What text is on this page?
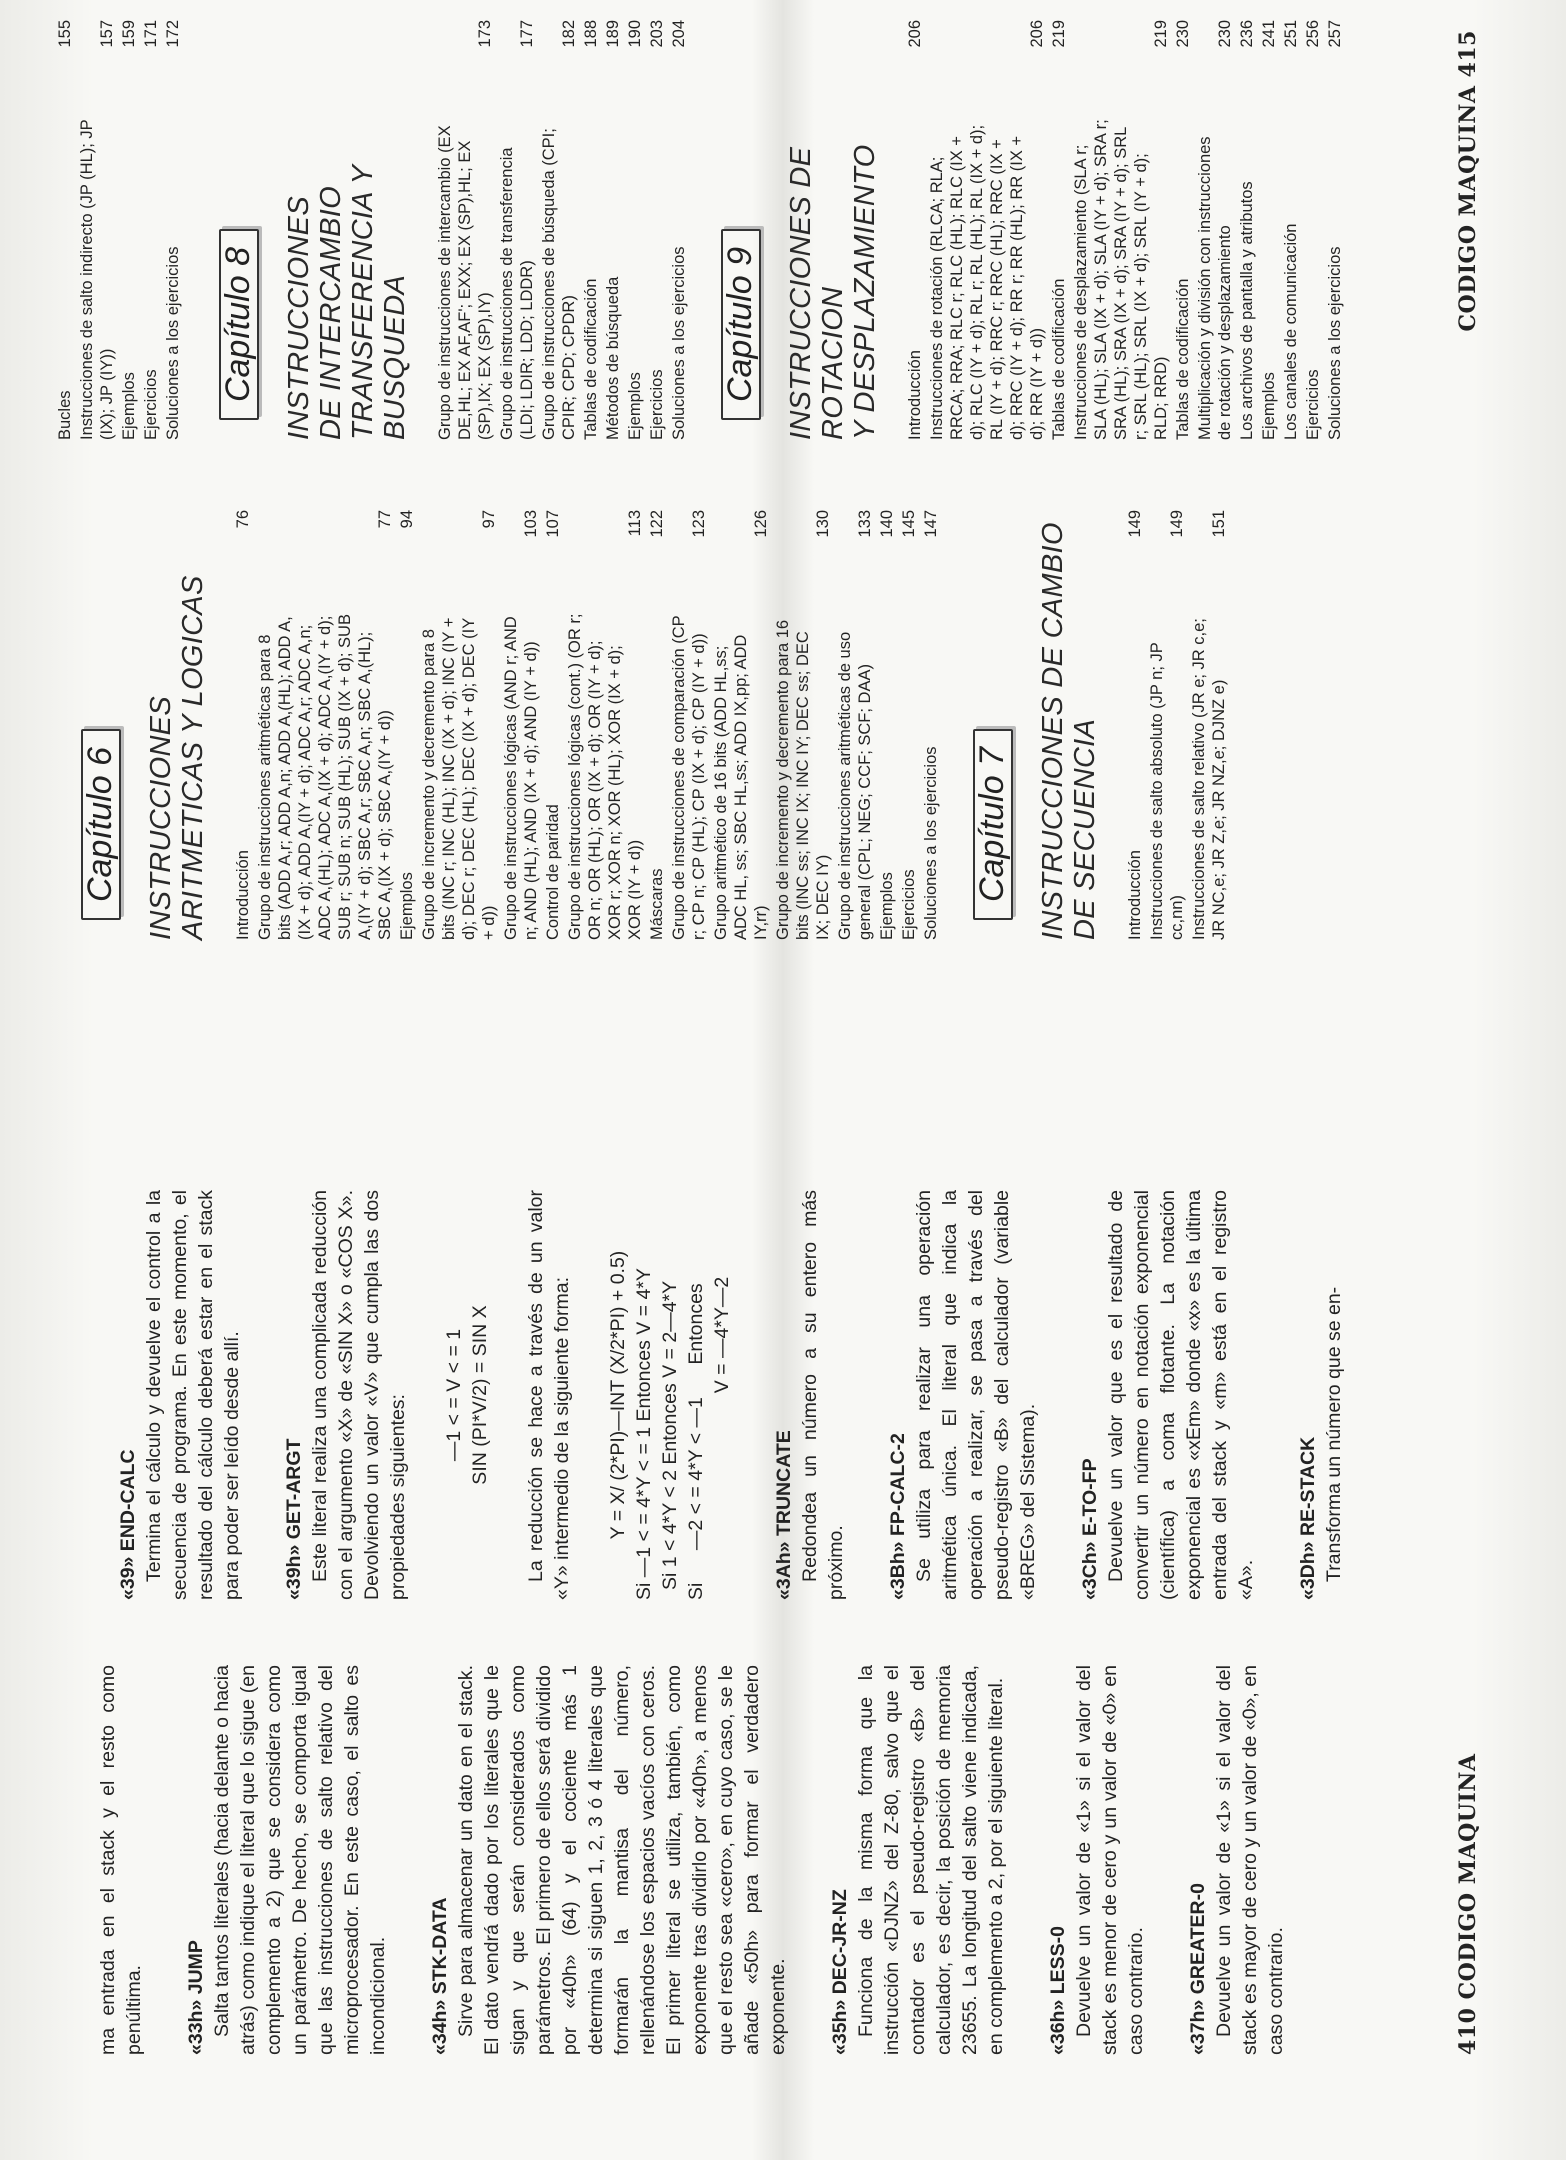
ma entrada en el stack y el resto como penúltima. «33h» JUMP Salta tantos literales (hacia delante o hacia atrás) como indique el literal que lo sigue (en complemento a 2) que se considera como un parámetro. De hecho, se comporta igual que las instrucciones de salto relativo del microprocesador. En este caso, el salto es incondicional. «34h» STK-DATA Sirve para almacenar un dato en el stack. El dato vendrá dado por los literales que le sigan y que serán considerados como parámetros. El primero de ellos será dividido por «40h» (64) y el cociente más 1 determina si siguen 1, 2, 3 ó 4 literales que formarán la mantisa del número, rellenándose los espacios vacíos con ceros. El primer literal se utiliza, también, como exponente tras dividirlo por «40h», a menos que el resto sea «cero», en cuyo caso, se le añade «50h» para formar el verdadero exponente. «35h» DEC-JR-NZ Funciona de la misma forma que la instrucción «DJNZ» del Z-80, salvo que el contador es el pseudo-registro «B» del calculador, es decir, la posición de memoria 23655. La longitud del salto viene indicada, en complemento a 2, por el siguiente literal. «36h» LESS-0 Devuelve un valor de «1» si el valor del stack es menor de cero y un valor de «0» en caso contrario. «37h» GREATER-0 Devuelve un valor de «1» si el valor del stack es mayor de cero y un valor de «0», en caso contrario.

«39» END-CALC Termina el cálculo y devuelve el control a la secuencia de programa. En este momento, el resultado del cálculo deberá estar en el stack para poder ser leído desde allí. «39h» GET-ARGT Este literal realiza una complicada reducción con el argumento «X» de «SIN X» o «COS X». Devolviendo un valor «V» que cumpla las dos propiedades siguientes: —1 < = V < = 1 SIN (PI*V/2) = SIN X La reducción se hace a través de un valor «Y» intermedio de la siguiente forma: Y = X/ (2*PI)—INT (X/2*PI) + 0.5) Si —1 < = 4*Y < = 1 Entonces V = 4*Y Si 1 < 4*Y < 2 Entonces V = 2—4*Y Si      —2 < = 4*Y < —1      Entonces V = —4*Y—2

«3Ah» TRUNCATE Redondea un número a su entero más próximo. «3Bh» FP-CALC-2 Se utiliza para realizar una operación aritmética única. El literal que indica la operación a realizar, se pasa a través del pseudo-registro «B» del calculador (variable «BREG» del Sistema). «3Ch» E-TO-FP Devuelve un valor que es el resultado de convertir un número en notación exponencial (científica) a coma flotante. La notación exponencial es «xEm» donde «x» es la última entrada del stack y «m» está en el registro «A». «3Dh» RE-STACK Transforma un número que se en-

410 CODIGO MAQUINA
Capítulo 6 INSTRUCCIONES ARITMETICAS Y LOGICAS Introducción
76
Grupo de instrucciones aritméticas para 8 bits (ADD A,r; ADD A,n; ADD A,(HL); ADD A,(IX + d); ADD A,(IY + d); ADC A,r; ADC A,n; ADC A,(HL); ADC A,(IX + d); ADC A,(IY + d); SUB r; SUB n; SUB (HL); SUB (IX + d); SUB A,(IY + d); SBC A,r; SBC A,n; SBC A,(HL); SBC A,(IX + d); SBC A,(IY + d))
77
Ejemplos
94
Grupo de incremento y decremento para 8 bits (INC r; INC (HL); INC (IX + d); INC (IY + d); DEC r; DEC (HL); DEC (IX + d); DEC (IY + d))
97
Grupo de instrucciones lógicas (AND r; AND n; AND (HL); AND (IX + d); AND (IY + d))
103
Control de paridad
107
Grupo de instrucciones lógicas (cont.) (OR r; OR n; OR (HL); OR (IX + d); OR (IY + d); XOR r; XOR n; XOR (HL); XOR (IX + d); XOR (IY + d))
113
Máscaras
122
Grupo de instrucciones de comparación (CP r; CP n; CP (HL); CP (IX + d); CP (IY + d))
123
Grupo aritmético de 16 bits (ADD HL,ss; ADC HL, ss; SBC HL,ss; ADD IX,pp; ADD IY,rr)
126
Grupo de incremento y decremento para 16 bits (INC ss; INC IX; INC IY; DEC ss; DEC IX; DEC IY)
130
Grupo de instrucciones aritméticas de uso general (CPL; NEG; CCF; SCF; DAA)
133
Ejemplos
140
Ejercicios
145
Soluciones a los ejercicios
147
Capítulo 7 INSTRUCCIONES DE CAMBIO DE SECUENCIA Introducción
149
Instrucciones de salto absoluto (JP n; JP cc,nn)
149
Instrucciones de salto relativo (JR e; JR c,e; JR NC,e; JR Z,e; JR NZ,e; DJNZ e)
151
Bucles
155
Instrucciones de salto indirecto (JP (HL); JP (IX); JP (IY))
157
Ejemplos
159
Ejercicios
171
Soluciones a los ejercicios
172
Capítulo 8 INSTRUCCIONES DE INTERCAMBIO TRANSFERENCIA Y BUSQUEDA Grupo de instrucciones de intercambio (EX DE,HL; EX AF,AF'; EXX; EX (SP),HL; EX (SP),IX; EX (SP),IY)
173
Grupo de instrucciones de transferencia (LDI; LDIR; LDD; LDDR)
177
Grupo de instrucciones de búsqueda (CPI; CPIR; CPD; CPDR)
182
Tablas de codificación
188
Métodos de búsqueda
189
Ejemplos
190
Ejercicios
203
Soluciones a los ejercicios
204
Capítulo 9 INSTRUCCIONES DE ROTACION Y DESPLAZAMIENTO Introducción
206
Instrucciones de rotación (RLCA; RLA; RRCA; RRA; RLC r; RLC (HL); RLC (IX + d); RLC (IY + d); RL r; RL (HL); RL (IX + d); RL (IY + d); RRC r; RRC (HL); RRC (IX + d); RRC (IY + d); RR r; RR (HL); RR (IX + d); RR (IY + d))
206
Tablas de codificación
219
Instrucciones de desplazamiento (SLA r; SLA (HL); SLA (IX + d); SLA (IY + d); SRA r; SRA (HL); SRA (IX + d); SRA (IY + d); SRL r; SRL (HL); SRL (IX + d); SRL (IY + d); RLD; RRD)
219
Tablas de codificación
230
Multiplicación y división con instrucciones de rotación y desplazamiento
230
Los archivos de pantalla y atributos
236
Ejemplos
241
Los canales de comunicación
251
Ejercicios
256
Soluciones a los ejercicios
257	CODIGO MAQUINA 415
